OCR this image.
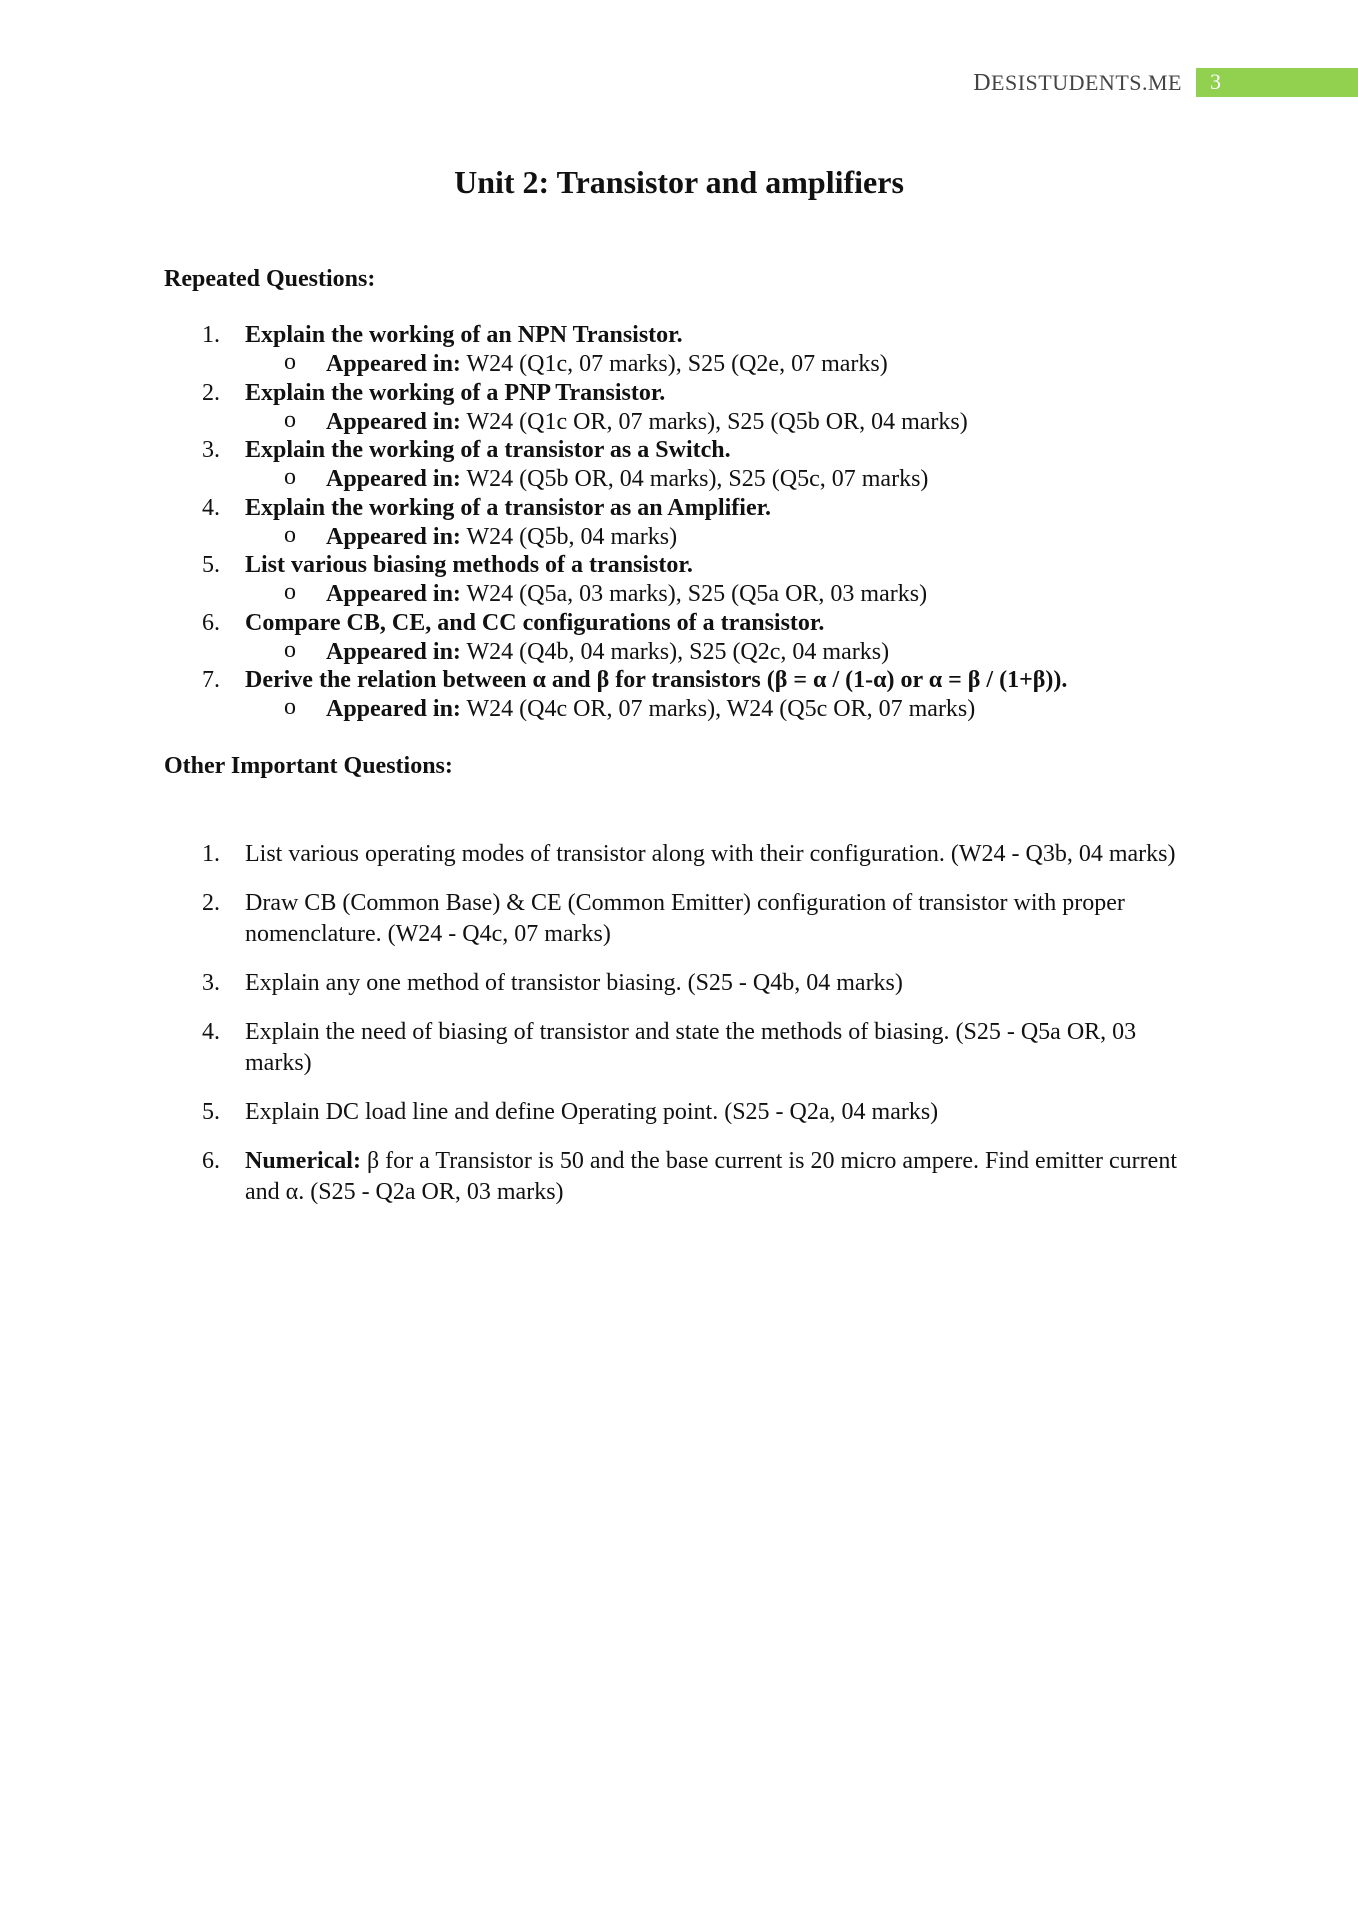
DESISTUDENTS.ME 3
Unit 2: Transistor and amplifiers
Repeated Questions:
1.	Explain the working of an NPN Transistor.
o Appeared in: W24 (Q1c, 07 marks), S25 (Q2e, 07 marks)
2.	Explain the working of a PNP Transistor.
o Appeared in: W24 (Q1c OR, 07 marks), S25 (Q5b OR, 04 marks)
3.	Explain the working of a transistor as a Switch.
o Appeared in: W24 (Q5b OR, 04 marks), S25 (Q5c, 07 marks)
4.	Explain the working of a transistor as an Amplifier.
o Appeared in: W24 (Q5b, 04 marks)
5.	List various biasing methods of a transistor.
o Appeared in: W24 (Q5a, 03 marks), S25 (Q5a OR, 03 marks)
6.	Compare CB, CE, and CC configurations of a transistor.
o Appeared in: W24 (Q4b, 04 marks), S25 (Q2c, 04 marks)
7.	Derive the relation between α and β for transistors (β = α / (1-α) or α = β / (1+β)).
o Appeared in: W24 (Q4c OR, 07 marks), W24 (Q5c OR, 07 marks)
Other Important Questions:
1. List various operating modes of transistor along with their configuration. (W24 - Q3b, 04 marks)
2. Draw CB (Common Base) & CE (Common Emitter) configuration of transistor with proper nomenclature. (W24 - Q4c, 07 marks)
3. Explain any one method of transistor biasing. (S25 - Q4b, 04 marks)
4. Explain the need of biasing of transistor and state the methods of biasing. (S25 - Q5a OR, 03 marks)
5. Explain DC load line and define Operating point. (S25 - Q2a, 04 marks)
6. Numerical: β for a Transistor is 50 and the base current is 20 micro ampere. Find emitter current and α. (S25 - Q2a OR, 03 marks)
